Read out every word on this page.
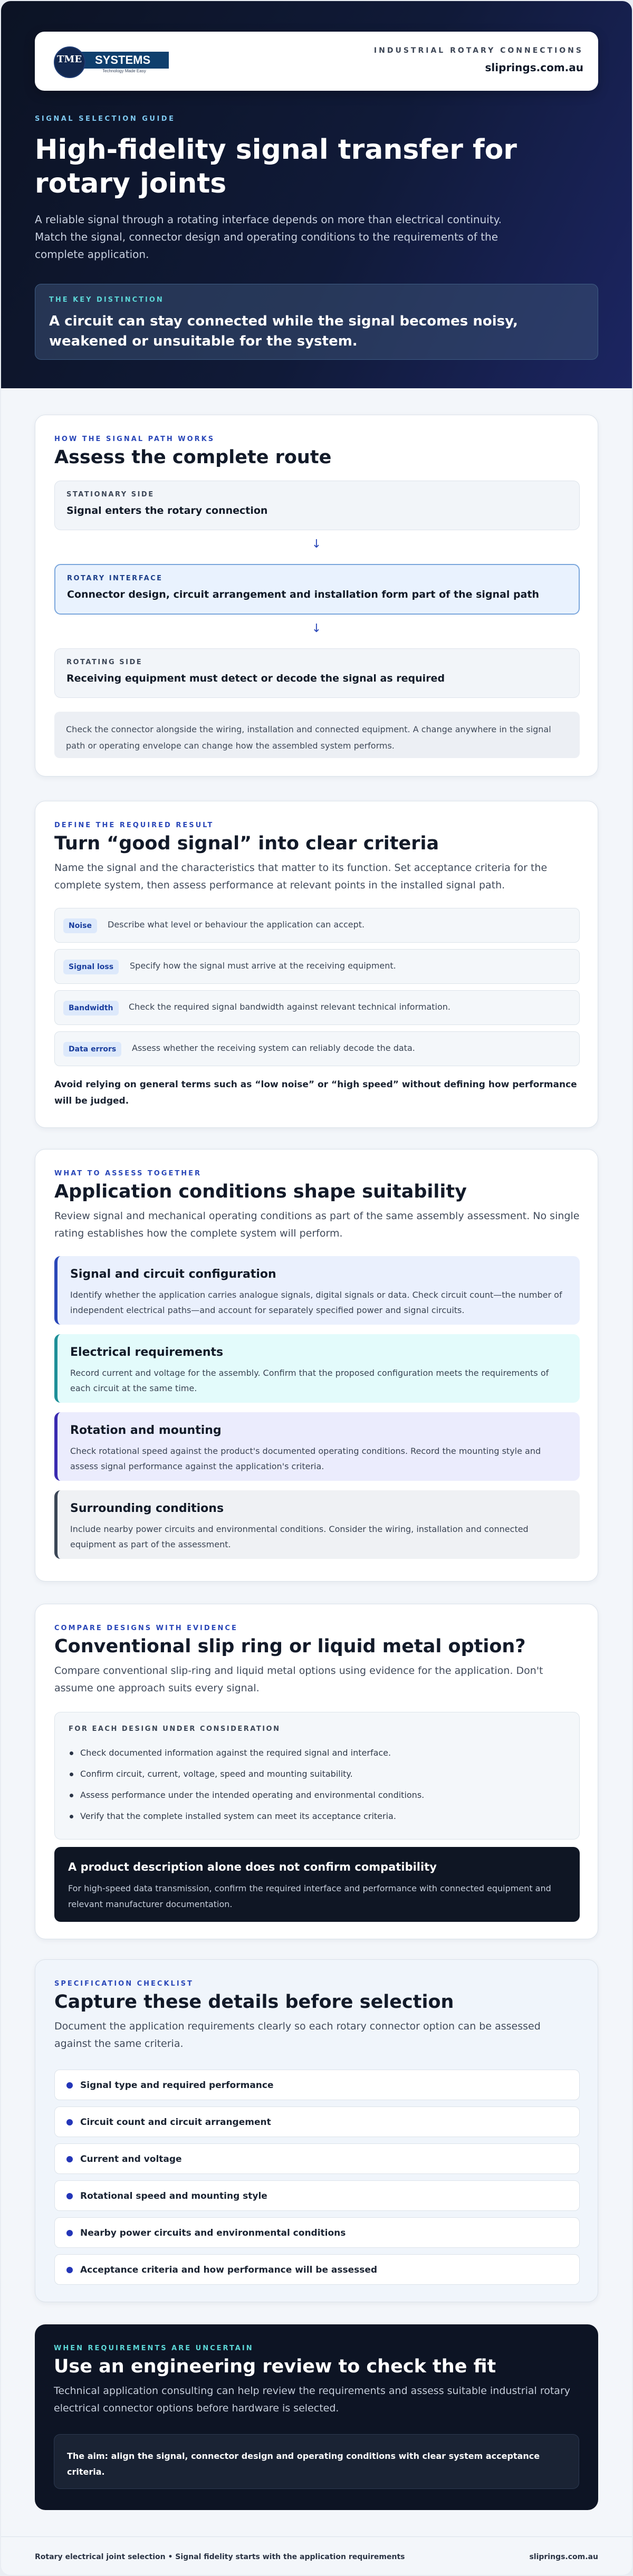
SYSTEMS
TME
Technology Made Easy
INDUSTRIAL ROTARY CONNECTIONS
sliprings.com.au
SIGNAL SELECTION GUIDE
High-fidelity signal transfer for rotary joints

A reliable signal through a rotating interface depends on more than electrical continuity. Match the signal, connector design and operating conditions to the requirements of the complete application.

THE KEY DISTINCTION
A circuit can stay connected while the signal becomes noisy, weakened or unsuitable for the system.
HOW THE SIGNAL PATH WORKS
Assess the complete route
STATIONARY SIDE
Signal enters the rotary connection
↓
ROTARY INTERFACE
Connector design, circuit arrangement and installation form part of the signal path
↓
ROTATING SIDE
Receiving equipment must detect or decode the signal as required
Check the connector alongside the wiring, installation and connected equipment. A change anywhere in the signal path or operating envelope can change how the assembled system performs.
DEFINE THE REQUIRED RESULT
Turn “good signal” into clear criteria

Name the signal and the characteristics that matter to its function. Set acceptance criteria for the complete system, then assess performance at relevant points in the installed signal path.

Noise	Describe what level or behaviour the application can accept.
Signal loss	Specify how the signal must arrive at the receiving equipment.
Bandwidth	Check the required signal bandwidth against relevant technical information.
Data errors	Assess whether the receiving system can reliably decode the data.

Avoid relying on general terms such as “low noise” or “high speed” without defining how performance will be judged.

WHAT TO ASSESS TOGETHER
Application conditions shape suitability

Review signal and mechanical operating conditions as part of the same assembly assessment. No single rating establishes how the complete system will perform.

Signal and circuit configuration
Identify whether the application carries analogue signals, digital signals or data. Check circuit count—the number of independent electrical paths—and account for separately specified power and signal circuits.
Electrical requirements
Record current and voltage for the assembly. Confirm that the proposed configuration meets the requirements of each circuit at the same time.
Rotation and mounting
Check rotational speed against the product's documented operating conditions. Record the mounting style and assess signal performance against the application's criteria.
Surrounding conditions
Include nearby power circuits and environmental conditions. Consider the wiring, installation and connected equipment as part of the assessment.
COMPARE DESIGNS WITH EVIDENCE
Conventional slip ring or liquid metal option?

Compare conventional slip-ring and liquid metal options using evidence for the application. Don't assume one approach suits every signal.

FOR EACH DESIGN UNDER CONSIDERATION
Check documented information against the required signal and interface.
Confirm circuit, current, voltage, speed and mounting suitability.
Assess performance under the intended operating and environmental conditions.
Verify that the complete installed system can meet its acceptance criteria.
A product description alone does not confirm compatibility
For high-speed data transmission, confirm the required interface and performance with connected equipment and relevant manufacturer documentation.
SPECIFICATION CHECKLIST
Capture these details before selection

Document the application requirements clearly so each rotary connector option can be assessed against the same criteria.

Signal type and required performance
Circuit count and circuit arrangement
Current and voltage
Rotational speed and mounting style
Nearby power circuits and environmental conditions
Acceptance criteria and how performance will be assessed
WHEN REQUIREMENTS ARE UNCERTAIN
Use an engineering review to check the fit

Technical application consulting can help review the requirements and assess suitable industrial rotary electrical connector options before hardware is selected.

The aim: align the signal, connector design and operating conditions with clear system acceptance criteria.
Rotary electrical joint selection • Signal fidelity starts with the application requirements	sliprings.com.au
